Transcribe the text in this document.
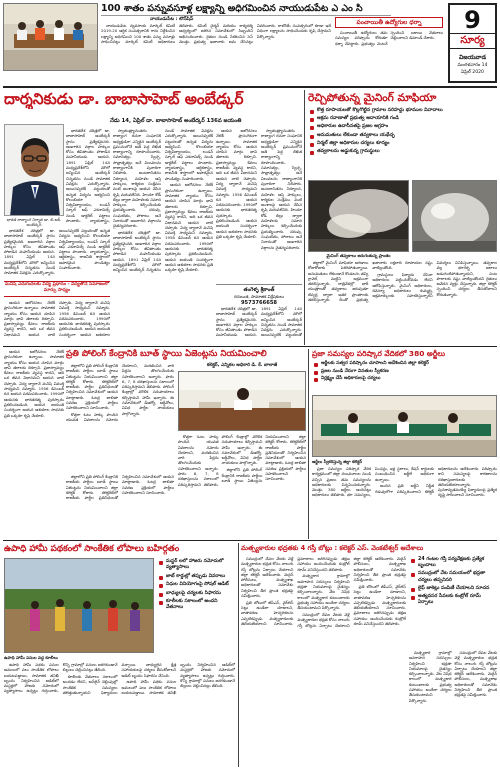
100 శాతం పన్నువసూళ్ల లక్ష్యాన్ని అధిగమించిన నాయుడుపేట ఎ ఎం సి
నాయుడుపేట : టౌన్‌షిప్

నాయుడుపేట వ్యవసాయ మార్కెట్ కమిటీ 2019-20 ఆర్థిక సంవత్సరానికి గాను నిర్దేశించిన లక్ష్యాన్ని అధిగమించి 100 శాతం పన్ను వసూళ్లు సాధించినట్లు మార్కెట్ కమిటీ అధికారులు తెలిపారు. కమిటీ చైర్మన్ మరియు కార్యదర్శి ఆధ్వర్యంలో జరిగిన సమావేశంలో సిబ్బందిని అభినందించారు. రైతుల నుండి సేకరించిన సెస్ మొత్తం ప్రభుత్వ ఖజానాకు జమ చేసినట్లు వివరించారు. రాబోయే సంవత్సరంలో కూడా ఇదే విధంగా లక్ష్యాలను సాధించేందుకు కృషి చేస్తామని పేర్కొన్నారు.

పంచాయితీ ఉద్యోగుల ధర్నా

పంచాయితీ ఉద్యోగులు తమ సమస్యల పరిష్కారం కోరుతూ ధర్నా చేపట్టారు. ప్రభుత్వం వెంటనే స్పందించి బకాయి వేతనాలు చెల్లించాలని డిమాండ్ చేశారు.

9
సూర్య
విజయవాడ
మంగళవారం 14 ఏప్రిల్ 2020
దార్శనికుడు డా. బాబాసాహెబ్ అంబేడ్కర్
భారత రాజ్యాంగ నిర్మాత డా. బి.ఆర్. అంబేద్కర్
నేడు 14, ఏప్రిల్ డా. బాబాసాహెబ్ అంబేద్కర్ 136వ జయంతి

భారతదేశ చరిత్రలో డా. బాబాసాహెబ్ అంబేద్కర్ స్థానం ప్రత్యేకమైనది. అణగారిన వర్గాల హక్కుల కోసం జీవితాంతం పోరాడిన మహనీయుడు ఆయన. 1891 ఏప్రిల్ 14న మధ్యప్రదేశ్‌లోని మౌలో జన్మించిన అంబేద్కర్ చిన్నతనం నుండే సామాజిక వివక్షను ఎదుర్కొన్నారు. అయినప్పటికీ పట్టుదలతో ఉన్నత విద్యను అభ్యసించి కొలంబియా విశ్వవిద్యాలయం, లండన్ స్కూల్ ఆఫ్ ఎకనామిక్స్ నుండి డాక్టరేట్ పట్టాలు పొందారు. న్యాయశాస్త్రం,

భారతదేశ చరిత్రలో డా. బాబాసాహెబ్ అంబేద్కర్ స్థానం ప్రత్యేకమైనది. అణగారిన వర్గాల హక్కుల కోసం జీవితాంతం పోరాడిన మహనీయుడు ఆయన. 1891 ఏప్రిల్ 14న మధ్యప్రదేశ్‌లోని మౌలో జన్మించిన అంబేద్కర్ చిన్నతనం నుండే సామాజిక వివక్షను ఎదుర్కొన్నారు. అయినప్పటికీ పట్టుదలతో ఉన్నత విద్యను అభ్యసించి కొలంబియా విశ్వవిద్యాలయం, లండన్ స్కూల్ ఆఫ్ ఎకనామిక్స్ నుండి డాక్టరేట్ పట్టాలు పొందారు. న్యాయశాస్త్రం, ఆర్థికశాస్త్రం, రాజనీతి శాస్త్రాలలో అపారమైన పాండిత్యం సంపాదించారు.

మనిషి ఎదుగుదలకు విద్యే ప్రధానం - విద్యతోనే సమాజంలో మార్పు సాధ్యం

ఆయన ఆలోచనలు నేటికీ ప్రాసంగికంగా ఉన్నాయి. సామాజిక న్యాయం కోసం ఆయన చూపిన మార్గం భావి తరాలకు దిక్సూచి. ప్రజాస్వామ్యం కేవలం రాజకీయ వ్యవస్థ కాదని, అది ఒక జీవన విధానమని ఆయన చాటి చెప్పారు. విద్య ద్వారానే మనిషి విముక్తి సాధ్యమని నమ్మారు. 1956 డిసెంబర్ 6న ఆయన పరమపదించారు. 1990లో ఆయనకు భారతరత్న పురస్కారం ప్రకటించబడింది. ఆయన జయంతి సందర్భంగా ఆయన ఆశయాల

స్వాతంత్ర్యానంతరం రాజ్యాంగ రచనా సంఘానికి అధ్యక్షుడిగా ఎన్నికైన అంబేద్కర్ ప్రపంచంలోనే అతి పెద్ద లిఖిత రాజ్యాంగాన్ని రూపొందించారు. సమానత్వం, స్వేచ్ఛ, సౌభ్రాతృత్వం అనే విలువలను రాజ్యాంగానికి పునాదిగా నిలిపారు. అంటరానితనం నిర్మూలన, మహిళల ఆస్తి హక్కులు, కార్మికుల సంక్షేమం వంటి అంశాలపై ఆయన చేసిన కృషి మరువలేనిది. హిందూ కోడ్ బిల్లు ద్వారా మహిళలకు సమాన హక్కులు కల్పించేందుకు ప్రయత్నించారు. చదువు, సంఘటితం, పోరాటం అనే నినాదంతో అణగారిన వర్గాలను చైతన్యపరిచారు.

భారతదేశ చరిత్రలో డా. బాబాసాహెబ్ అంబేద్కర్ స్థానం ప్రత్యేకమైనది. అణగారిన వర్గాల హక్కుల కోసం జీవితాంతం పోరాడిన మహనీయుడు ఆయన. 1891 ఏప్రిల్ 14న మధ్యప్రదేశ్‌లోని మౌలో జన్మించిన అంబేద్కర్ చిన్నతనం నుండే సామాజిక వివక్షను ఎదుర్కొన్నారు. అయినప్పటికీ పట్టుదలతో ఉన్నత విద్యను అభ్యసించి కొలంబియా విశ్వవిద్యాలయం, లండన్ స్కూల్ ఆఫ్ ఎకనామిక్స్ నుండి డాక్టరేట్ పట్టాలు పొందారు. న్యాయశాస్త్రం, ఆర్థికశాస్త్రం, రాజనీతి శాస్త్రాలలో అపారమైన పాండిత్యం సంపాదించారు.

ఆయన ఆలోచనలు నేటికీ ప్రాసంగికంగా ఉన్నాయి. సామాజిక న్యాయం కోసం ఆయన చూపిన మార్గం భావి తరాలకు దిక్సూచి. ప్రజాస్వామ్యం కేవలం రాజకీయ వ్యవస్థ కాదని, అది ఒక జీవన విధానమని ఆయన చాటి చెప్పారు. విద్య ద్వారానే మనిషి విముక్తి సాధ్యమని నమ్మారు. 1956 డిసెంబర్ 6న ఆయన పరమపదించారు. 1990లో ఆయనకు భారతరత్న పురస్కారం ప్రకటించబడింది. ఆయన జయంతి సందర్భంగా ఆయన ఆశయాల సాధనకు ప్రతి ఒక్కరూ కృషి చేయాలి.

ఆయన ఆలోచనలు నేటికీ ప్రాసంగికంగా ఉన్నాయి. సామాజిక న్యాయం కోసం ఆయన చూపిన మార్గం భావి తరాలకు దిక్సూచి. ప్రజాస్వామ్యం కేవలం రాజకీయ వ్యవస్థ కాదని, అది ఒక జీవన విధానమని ఆయన చాటి చెప్పారు. విద్య ద్వారానే మనిషి విముక్తి సాధ్యమని నమ్మారు. 1956 డిసెంబర్ 6న ఆయన పరమపదించారు. 1990లో ఆయనకు భారతరత్న పురస్కారం ప్రకటించబడింది. ఆయన జయంతి సందర్భంగా ఆయన ఆశయాల సాధనకు ప్రతి ఒక్కరూ కృషి చేయాలి.

స్వాతంత్ర్యానంతరం రాజ్యాంగ రచనా సంఘానికి అధ్యక్షుడిగా ఎన్నికైన అంబేద్కర్ ప్రపంచంలోనే అతి పెద్ద లిఖిత రాజ్యాంగాన్ని రూపొందించారు. సమానత్వం, స్వేచ్ఛ, సౌభ్రాతృత్వం అనే విలువలను రాజ్యాంగానికి పునాదిగా నిలిపారు. అంటరానితనం నిర్మూలన, మహిళల ఆస్తి హక్కులు, కార్మికుల సంక్షేమం వంటి అంశాలపై ఆయన చేసిన కృషి మరువలేనిది. హిందూ కోడ్ బిల్లు ద్వారా మహిళలకు సమాన హక్కులు కల్పించేందుకు ప్రయత్నించారు. చదువు, సంఘటితం, పోరాటం అనే నినాదంతో అణగారిన వర్గాలను చైతన్యపరిచారు.

తంగెళ్ళ శ్రీకాంత్
రచయిత, సామాజిక విశ్లేషకులు
9573766658

భారతదేశ చరిత్రలో డా. బాబాసాహెబ్ అంబేద్కర్ స్థానం ప్రత్యేకమైనది. అణగారిన వర్గాల హక్కుల కోసం జీవితాంతం పోరాడిన మహనీయుడు ఆయన. 1891 ఏప్రిల్ 14న మధ్యప్రదేశ్‌లోని మౌలో జన్మించిన అంబేద్కర్ చిన్నతనం నుండే సామాజిక వివక్షను ఎదుర్కొన్నారు. అయినప్పటికీ పట్టుదలతో

రెచ్చిపోతున్న మైనింగ్ మాఫియా
కొత్త రూపాయలతో కొల్లగొట్టిన గ్రామాల సరిహద్దు భూముల వివాదాలు
అక్రమ రవాణాతో ప్రభుత్వ ఆదాయానికి గండి
అధికారుల ఉదాసీనతపై ప్రజల ఆగ్రహం
అనుమతులు లేకుండా తవ్వకాలు యథేచ్ఛ
నిర్మల్ జిల్లా అధికారుల చర్యలు శూన్యం
తవ్వకాలను అడ్డుకున్న గ్రామస్థులు
మైనింగ్ తవ్వకాలు జరుగుతున్న ప్రాంతం

జిల్లాలో మైనింగ్ మాఫియా ఆగడాలు రోజురోజుకు పెరిగిపోతున్నాయి. అనుమతులు లేకుండానే కొండలను తవ్వి గ్రావెల్, మట్టిని అక్రమంగా తరలిస్తున్నారు. రాత్రివేళల్లో భారీ యంత్రాలతో తవ్వకాలు జరుపుతూ టిప్పర్ల ద్వారా ఇతర ప్రాంతాలకు తరలిస్తున్నారు. దీంతో ప్రభుత్వ ఖజానాకు లక్షలాది రూపాయల నష్టం వాటిల్లుతోంది.

గ్రామస్థులు ఫిర్యాదు చేసినా అధికారులు పట్టించుకోవడం లేదని ఆరోపిస్తున్నారు. మైనింగ్ అధికారులు, రెవెన్యూ అధికారులు కుమ్మక్కై అక్రమార్కులకు సహకరిస్తున్నారని విమర్శలు వినిపిస్తున్నాయి. తవ్వకాల వల్ల భూగర్భ జలాలు అడుగంటిపోతున్నాయని, పంట పొలాలకు నష్టం వాటిల్లుతోందని రైతులు ఆవేదన వ్యక్తం చేస్తున్నారు. జిల్లా కలెక్టర్ స్పందించి చర్యలు తీసుకోవాలని కోరుతున్నారు.

ప్రతి పోలింగ్ కేంద్రానికి బూత్ స్థాయి ఏజెంట్లను నియమించాలి

ఆయన ఆలోచనలు నేటికీ ప్రాసంగికంగా ఉన్నాయి. సామాజిక న్యాయం కోసం ఆయన చూపిన మార్గం భావి తరాలకు దిక్సూచి. ప్రజాస్వామ్యం కేవలం రాజకీయ వ్యవస్థ కాదని, అది ఒక జీవన విధానమని ఆయన చాటి చెప్పారు. విద్య ద్వారానే మనిషి విముక్తి సాధ్యమని నమ్మారు. 1956 డిసెంబర్ 6న ఆయన పరమపదించారు. 1990లో ఆయనకు భారతరత్న పురస్కారం ప్రకటించబడింది. ఆయన జయంతి సందర్భంగా ఆయన ఆశయాల సాధనకు ప్రతి ఒక్కరూ కృషి చేయాలి.

జిల్లాలోని ప్రతి పోలింగ్ కేంద్రానికి రాజకీయ పార్టీలు బూత్ స్థాయి ఏజెంట్లను నియమించాలని జిల్లా కలెక్టర్ కోరారు. కలెక్టరేట్‌లో రాజకీయ పార్టీల ప్రతినిధులతో నిర్వహించిన సమావేశంలో ఆయన మాట్లాడారు. ఓటర్ల జాబితా సవరణ ప్రక్రియలో పార్టీలు సహకరించాలని సూచించారు.

కొత్తగా ఓటు హక్కు పొందిన యువత వివరాలను నమోదు చేయాలని, మరణించిన వారి పేర్లను తొలగించేందుకు సహకరించాలని అన్నారు. ఫారం 6, 7, 8 దరఖాస్తులను సకాలంలో పరిష్కరిస్తామని తెలిపారు. పోలింగ్ కేంద్రాల్లో మౌలిక సదుపాయాలు కల్పిస్తామని హామీ ఇచ్చారు. ఈ సమావేశంలో డీఆర్వో, ఆర్డీవోలు, వివిధ పార్టీల నాయకులు పాల్గొన్నారు.

కలెక్టర్, ఎన్నికల అధికారి డి. కే. బాలాజీ

కొత్తగా ఓటు హక్కు పొందిన యువత వివరాలను నమోదు చేయాలని, మరణించిన వారి పేర్లను తొలగించేందుకు సహకరించాలని అన్నారు. ఫారం 6, 7, 8 దరఖాస్తులను సకాలంలో పరిష్కరిస్తామని తెలిపారు. పోలింగ్ కేంద్రాల్లో మౌలిక సదుపాయాలు కల్పిస్తామని హామీ ఇచ్చారు. ఈ సమావేశంలో డీఆర్వో, ఆర్డీవోలు, వివిధ పార్టీల నాయకులు పాల్గొన్నారు.

జిల్లాలోని ప్రతి పోలింగ్ కేంద్రానికి రాజకీయ పార్టీలు బూత్ స్థాయి ఏజెంట్లను నియమించాలని జిల్లా కలెక్టర్ కోరారు. కలెక్టరేట్‌లో రాజకీయ పార్టీల ప్రతినిధులతో నిర్వహించిన సమావేశంలో ఆయన మాట్లాడారు. ఓటర్ల జాబితా సవరణ ప్రక్రియలో పార్టీలు సహకరించాలని సూచించారు.

జిల్లాలోని ప్రతి పోలింగ్ కేంద్రానికి రాజకీయ పార్టీలు బూత్ స్థాయి ఏజెంట్లను నియమించాలని జిల్లా కలెక్టర్ కోరారు. కలెక్టరేట్‌లో రాజకీయ పార్టీల ప్రతినిధులతో నిర్వహించిన సమావేశంలో ఆయన మాట్లాడారు. ఓటర్ల జాబితా సవరణ ప్రక్రియలో పార్టీలు సహకరించాలని సూచించారు.

ప్రజా సమస్యల పరిష్కార వేదికలో 380 అర్జీలు
అర్జీలకు సత్వర పరిష్కారం చూపాలని ఆదేశించిన జిల్లా కలెక్టర్
ప్రజల నుండి నేరుగా వినతుల స్వీకరణ
నిర్లక్ష్యం చేసే అధికారులపై చర్యలు
అర్జీలు స్వీకరిస్తున్న జిల్లా కలెక్టర్

ప్రజా సమస్యల పరిష్కార వేదిక కార్యక్రమంలో జిల్లా నలుమూలల నుండి వచ్చిన ప్రజలు తమ సమస్యలను అధికారులకు విన్నవించుకున్నారు. మొత్తం 380 అర్జీలు అందినట్లు అధికారులు తెలిపారు. భూ సమస్యలు, పింఛన్లు, ఇళ్ల స్థలాలు, రేషన్ కార్డులకు సంబంధించిన అర్జీలే అధికంగా ఉన్నాయి.

అందిన ప్రతి అర్జీని నిర్ణీత గడువులోగా పరిష్కరించాలని కలెక్టర్ అధికారులను ఆదేశించారు. పరిష్కారం కాని సమస్యలపై కారణాలను దరఖాస్తుదారులకు తెలియజేయాలన్నారు. పునరావృతమయ్యే ఫిర్యాదులపై ప్రత్యేక దృష్టి సారించాలని సూచించారు.

ఉపాధి హామీ పథకంలో సాంకేతిక లోపాలు బహిర్గతం
ఉపాధి హామీ పనుల వద్ద కూలీలు
మస్టర్ లలో హాజరు నమోదులో వ్యత్యాసాలు
జాబ్ కార్డుల్లో తప్పుడు వివరాలు
నిధుల వినియోగంపై సోషల్ ఆడిట్
బాధ్యులపై చర్యలకు సిఫారసు
కూలీలకు సకాలంలో అందని వేతనాలు

ఉపాధి హామీ పథకం పనుల అమలులో పలు సాంకేతిక లోపాలు బయటపడ్డాయి. సామాజిక తనిఖీ బృందం నిర్వహించిన ఆడిట్‌లో మస్టర్లలో హాజరు నమోదులో వ్యత్యాసాలు ఉన్నట్లు గుర్తించారు. కొన్ని గ్రామాల్లో పనులు జరగకుండానే బిల్లులు చెల్లించినట్లు తేలింది.

కూలీలకు వేతనాలు సకాలంలో అందడం లేదని, ఆన్‌లైన్ చెల్లింపుల్లో సాంకేతిక సమస్యలు తలెత్తుతున్నాయని ఫిర్యాదులు వచ్చాయి. బాధ్యులైన క్షేత్ర సహాయకులపై చర్యలు తీసుకోవాలని ఆడిట్ బృందం సిఫారసు చేసింది.

ఉపాధి హామీ పథకం పనుల అమలులో పలు సాంకేతిక లోపాలు బయటపడ్డాయి. సామాజిక తనిఖీ బృందం నిర్వహించిన ఆడిట్‌లో మస్టర్లలో హాజరు నమోదులో వ్యత్యాసాలు ఉన్నట్లు గుర్తించారు. కొన్ని గ్రామాల్లో పనులు జరగకుండానే బిల్లులు చెల్లించినట్లు తేలింది.

మత్స్యకారుల భద్రతకు 4 గస్తీ బోట్లు : కలెక్టర్ ఎస్. వెంకటేశ్వర్ ఆదేశాలు

సముద్రంలో చేపల వేటకు వెళ్లే మత్స్యకారుల భద్రత కోసం నాలుగు గస్తీ బోట్లను ఏర్పాటు చేయాలని జిల్లా కలెక్టర్ ఆదేశించారు. మెరైన్ పోలీసులు, మత్స్యశాఖ అధికారులతో సమావేశం నిర్వహించి తీర ప్రాంత భద్రతపై సమీక్షించారు.

ప్రతి బోటులో జీపీఎస్, వైర్‌లెస్ సెట్లు ఉండేలా చూడాలని, వాతావరణ హెచ్చరికలను ఎప్పటికప్పుడు మత్స్యకారులకు తెలియజేయాలని సూచించారు. ప్రమాదాలు జరిగినప్పుడు తక్షణ సహాయం అందించేందుకు కంట్రోల్ రూమ్ పనిచేస్తుందని తెలిపారు.

మత్స్యకార గ్రామాల్లో అవగాహన సదస్సులు నిర్వహించి భద్రతా నియమాలపై చైతన్యం కల్పించాలన్నారు. వేట నిషేధ కాలంలో మత్స్యకార కుటుంబాలకు ప్రభుత్వ సహాయం అందేలా చర్యలు తీసుకుంటామని పేర్కొన్నారు.

సముద్రంలో చేపల వేటకు వెళ్లే మత్స్యకారుల భద్రత కోసం నాలుగు గస్తీ బోట్లను ఏర్పాటు చేయాలని జిల్లా కలెక్టర్ ఆదేశించారు. మెరైన్ పోలీసులు, మత్స్యశాఖ అధికారులతో సమావేశం నిర్వహించి తీర ప్రాంత భద్రతపై సమీక్షించారు.

ప్రతి బోటులో జీపీఎస్, వైర్‌లెస్ సెట్లు ఉండేలా చూడాలని, వాతావరణ హెచ్చరికలను ఎప్పటికప్పుడు మత్స్యకారులకు తెలియజేయాలని సూచించారు. ప్రమాదాలు జరిగినప్పుడు తక్షణ సహాయం అందించేందుకు కంట్రోల్ రూమ్ పనిచేస్తుందని తెలిపారు.

24 గంటల గస్తీ పర్యవేక్షణకు ప్రత్యేక బృందాలు
సముద్రంలో వేట సమయంలో భద్రతా చర్యలు తప్పనిసరి
లైఫ్ జాకెట్లు పంపిణీ చేయాలని సూచన
అత్యవసర సేవలకు కంట్రోల్ రూమ్ ఏర్పాటు

మత్స్యకార గ్రామాల్లో అవగాహన సదస్సులు నిర్వహించి భద్రతా నియమాలపై చైతన్యం కల్పించాలన్నారు. వేట నిషేధ కాలంలో మత్స్యకార కుటుంబాలకు ప్రభుత్వ సహాయం అందేలా చర్యలు తీసుకుంటామని పేర్కొన్నారు.

సముద్రంలో చేపల వేటకు వెళ్లే మత్స్యకారుల భద్రత కోసం నాలుగు గస్తీ బోట్లను ఏర్పాటు చేయాలని జిల్లా కలెక్టర్ ఆదేశించారు. మెరైన్ పోలీసులు, మత్స్యశాఖ అధికారులతో సమావేశం నిర్వహించి తీర ప్రాంత భద్రతపై సమీక్షించారు.
